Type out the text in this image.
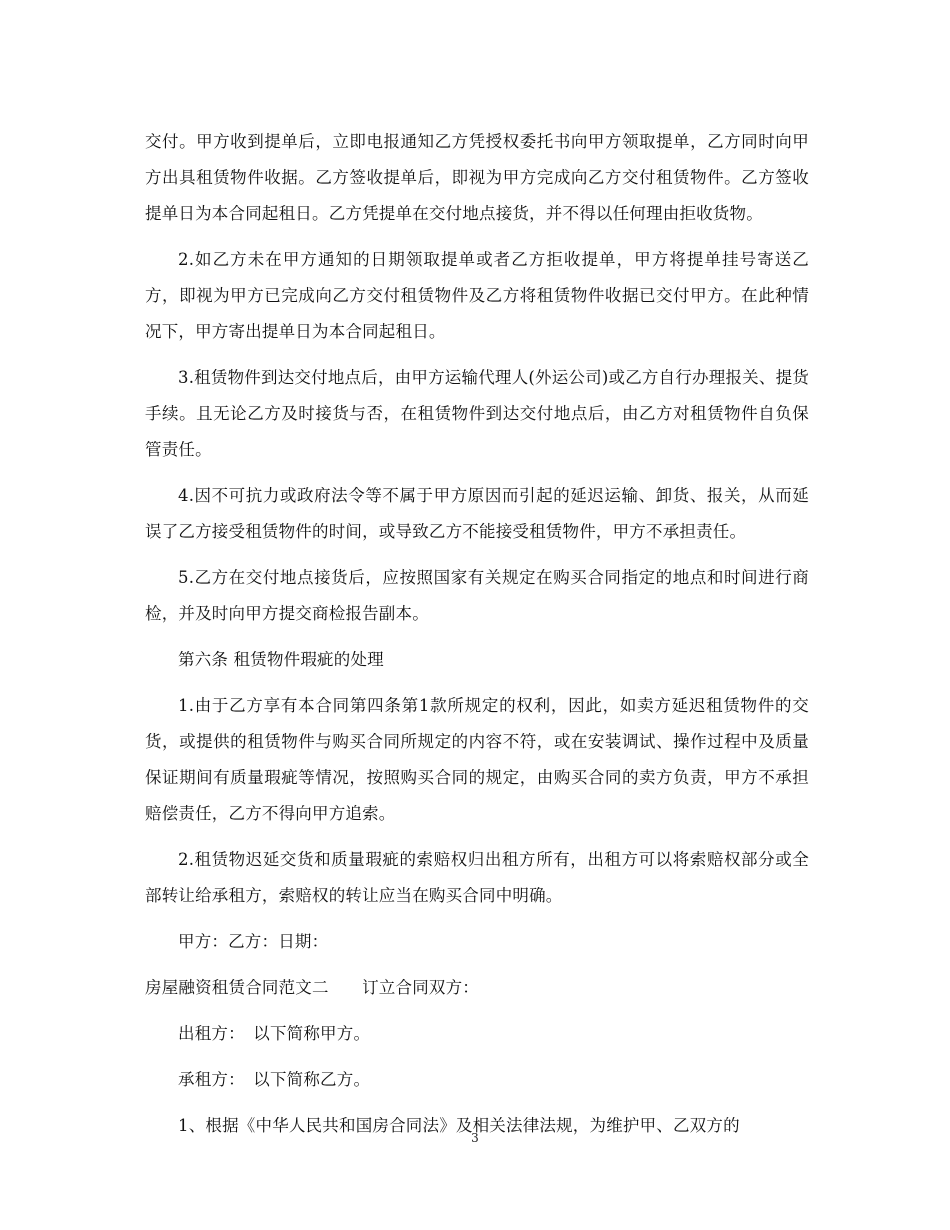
交付。甲方收到提单后，立即电报通知乙方凭授权委托书向甲方领取提单，乙方同时向甲方出具租赁物件收据。乙方签收提单后，即视为甲方完成向乙方交付租赁物件。乙方签收提单日为本合同起租日。乙方凭提单在交付地点接货，并不得以任何理由拒收货物。

2.如乙方未在甲方通知的日期领取提单或者乙方拒收提单，甲方将提单挂号寄送乙方，即视为甲方已完成向乙方交付租赁物件及乙方将租赁物件收据已交付甲方。在此种情况下，甲方寄出提单日为本合同起租日。

3.租赁物件到达交付地点后，由甲方运输代理人(外运公司)或乙方自行办理报关、提货手续。且无论乙方及时接货与否，在租赁物件到达交付地点后，由乙方对租赁物件自负保管责任。

4.因不可抗力或政府法令等不属于甲方原因而引起的延迟运输、卸货、报关，从而延误了乙方接受租赁物件的时间，或导致乙方不能接受租赁物件，甲方不承担责任。

5.乙方在交付地点接货后，应按照国家有关规定在购买合同指定的地点和时间进行商检，并及时向甲方提交商检报告副本。

第六条 租赁物件瑕疵的处理

1.由于乙方享有本合同第四条第1款所规定的权利，因此，如卖方延迟租赁物件的交货，或提供的租赁物件与购买合同所规定的内容不符，或在安装调试、操作过程中及质量保证期间有质量瑕疵等情况，按照购买合同的规定，由购买合同的卖方负责，甲方不承担赔偿责任，乙方不得向甲方追索。

2.租赁物迟延交货和质量瑕疵的索赔权归出租方所有，出租方可以将索赔权部分或全部转让给承租方，索赔权的转让应当在购买合同中明确。

甲方：乙方：日期：

房屋融资租赁合同范文二　　订立合同双方：

出租方：　以下简称甲方。

承租方：　以下简称乙方。

1、根据《中华人民共和国房合同法》及相关法律法规，为维护甲、乙双方的

3
